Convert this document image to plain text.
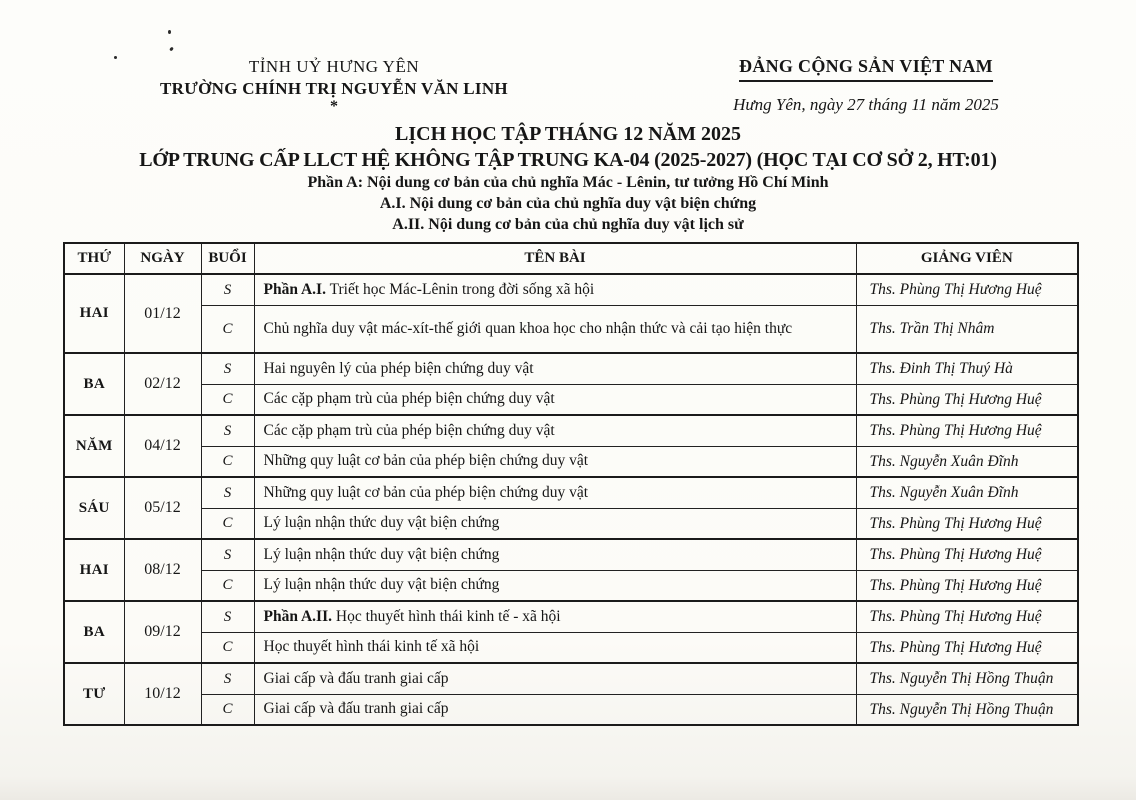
TỈNH UỶ HƯNG YÊN
TRƯỜNG CHÍNH TRỊ NGUYỄN VĂN LINH
*
ĐẢNG CỘNG SẢN VIỆT NAM
Hưng Yên, ngày 27 tháng 11 năm 2025
LỊCH HỌC TẬP THÁNG 12 NĂM 2025
LỚP TRUNG CẤP LLCT HỆ KHÔNG TẬP TRUNG KA-04 (2025-2027) (HỌC TẠI CƠ SỞ 2, HT:01)
Phần A: Nội dung cơ bản của chủ nghĩa Mác - Lênin, tư tưởng Hồ Chí Minh
A.I. Nội dung cơ bản của chủ nghĩa duy vật biện chứng
A.II. Nội dung cơ bản của chủ nghĩa duy vật lịch sử
THỨ	NGÀY	BUỔI	TÊN BÀI	GIẢNG VIÊN
HAI	01/12	S	Phần A.I. Triết học Mác-Lênin trong đời sống xã hội	Ths. Phùng Thị Hương Huệ
		C	Chủ nghĩa duy vật mác-xít-thế giới quan khoa học cho nhận thức và cải tạo hiện thực	Ths. Trần Thị Nhâm
BA	02/12	S	Hai nguyên lý của phép biện chứng duy vật	Ths. Đinh Thị Thuý Hà
		C	Các cặp phạm trù của phép biện chứng duy vật	Ths. Phùng Thị Hương Huệ
NĂM	04/12	S	Các cặp phạm trù của phép biện chứng duy vật	Ths. Phùng Thị Hương Huệ
		C	Những quy luật cơ bản của phép biện chứng duy vật	Ths. Nguyễn Xuân Đĩnh
SÁU	05/12	S	Những quy luật cơ bản của phép biện chứng duy vật	Ths. Nguyễn Xuân Đĩnh
		C	Lý luận nhận thức duy vật biện chứng	Ths. Phùng Thị Hương Huệ
HAI	08/12	S	Lý luận nhận thức duy vật biện chứng	Ths. Phùng Thị Hương Huệ
		C	Lý luận nhận thức duy vật biện chứng	Ths. Phùng Thị Hương Huệ
BA	09/12	S	Phần A.II. Học thuyết hình thái kinh tế - xã hội	Ths. Phùng Thị Hương Huệ
		C	Học thuyết hình thái kinh tế xã hội	Ths. Phùng Thị Hương Huệ
TƯ	10/12	S	Giai cấp và đấu tranh giai cấp	Ths. Nguyễn Thị Hồng Thuận
		C	Giai cấp và đấu tranh giai cấp	Ths. Nguyễn Thị Hồng Thuận
